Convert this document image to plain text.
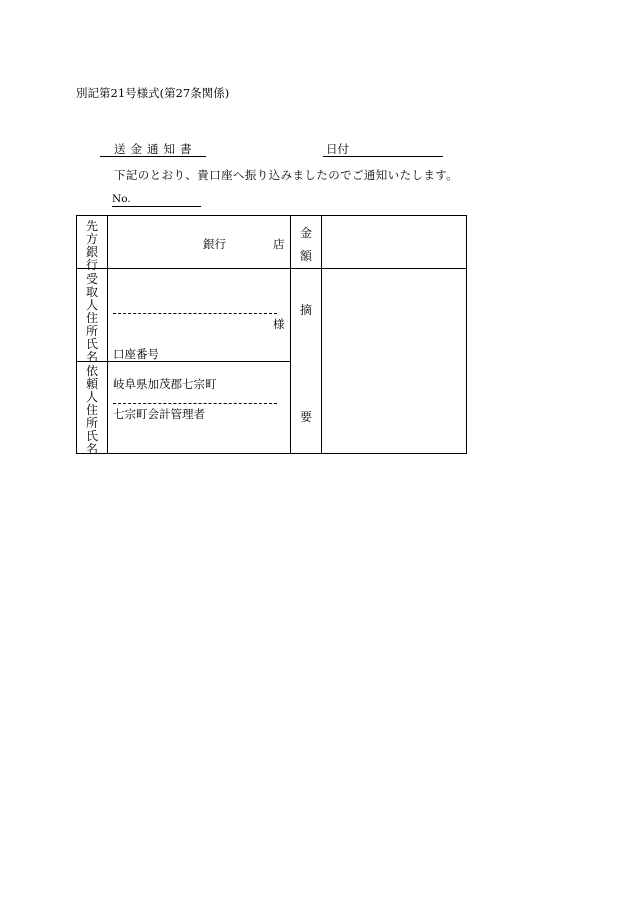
別記第21号様式(第27条関係)
送金通知書	日付
下記のとおり、貴口座へ振り込みましたのでご通知いたします。
No.
先
方
銀
行
銀行	店
金
額
受
取
人
住
所
氏
名
様
口座番号
摘
要
依
頼
人
住
所
氏
名
岐阜県加茂郡七宗町
七宗町会計管理者
